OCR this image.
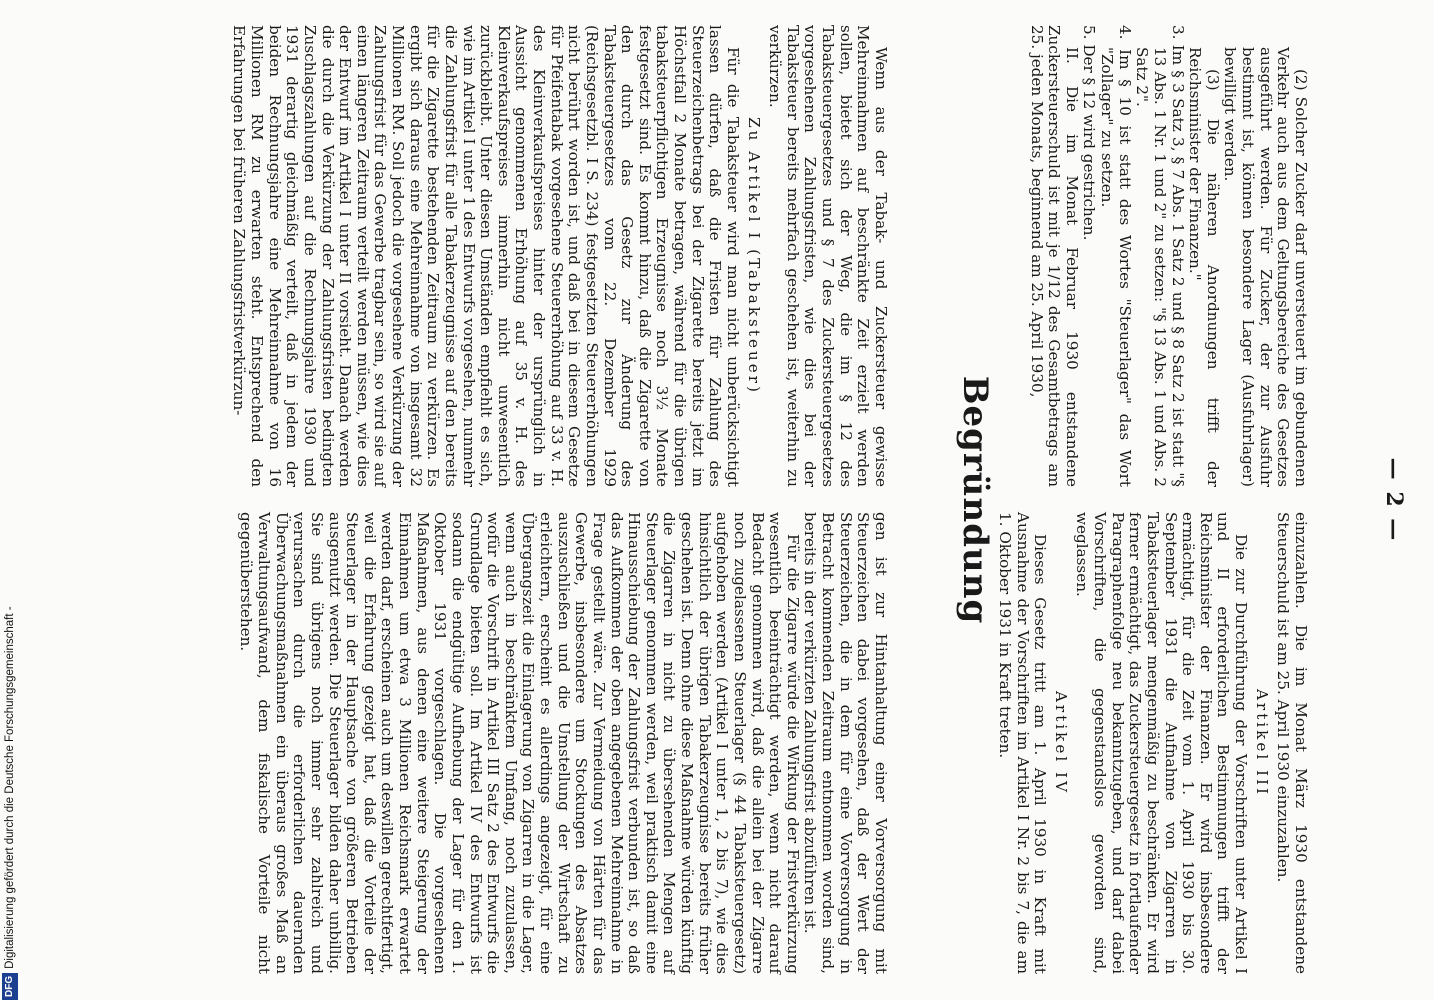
— 2 —

(2) Solcher Zucker darf unversteuert im gebundenen Verkehr auch aus dem Geltungsbereiche des Gesetzes ausgeführt werden. Für Zucker, der zur Ausfuhr bestimmt ist, können besondere Lager (Ausfuhrlager) bewilligt werden.

(3) Die näheren Anordnungen trifft der Reichsminister der Finanzen."

3. Im § 3 Satz 3, § 7 Abs. 1 Satz 2 und § 8 Satz 2 ist statt "§ 13 Abs. 1 Nr. 1 und 2" zu setzen: "§ 13 Abs. 1 und Abs. 2 Satz 2".

4. Im § 10 ist statt des Wortes "Steuerlager" das Wort "Zollager" zu setzen.

5. Der § 12 wird gestrichen.

II. Die im Monat Februar 1930 entstandene Zuckersteuerschuld ist mit je 1/12 des Gesamtbetrags am 25. jeden Monats, beginnend am 25. April 1930,

einzuzahlen. Die im Monat März 1930 entstandene Steuerschuld ist am 25. April 1930 einzuzahlen.

Artikel III

Die zur Durchführung der Vorschriften unter Artikel I und II erforderlichen Bestimmungen trifft der Reichsminister der Finanzen. Er wird insbesondere ermächtigt, für die Zeit vom 1. April 1930 bis 30. September 1931 die Aufnahme von Zigarren in Tabaksteuerlager mengenmäßig zu beschränken. Er wird ferner ermächtigt, das Zuckersteuergesetz in fortlaufender Paragraphenfolge neu bekanntzugeben, und darf dabei Vorschriften, die gegenstandslos geworden sind, weglassen.

Artikel IV

Dieses Gesetz tritt am 1. April 1930 in Kraft mit Ausnahme der Vorschriften im Artikel I Nr. 2 bis 7, die am 1. Oktober 1931 in Kraft treten.

Begründung

Wenn aus der Tabak- und Zuckersteuer gewisse Mehreinnahmen auf beschränkte Zeit erzielt werden sollen, bietet sich der Weg, die im § 12 des Tabaksteuergesetzes und § 7 des Zuckersteuergesetzes vorgesehenen Zahlungsfristen, wie dies bei der Tabaksteuer bereits mehrfach geschehen ist, weiterhin zu verkürzen.

Zu Artikel I (Tabaksteuer)

Für die Tabaksteuer wird man nicht unberücksichtigt lassen dürfen, daß die Fristen für Zahlung des Steuerzeichenbetrags bei der Zigarette bereits jetzt im Höchstfall 2 Monate betragen, während für die übrigen tabaksteuerpflichtigen Erzeugnisse noch 3½ Monate festgesetzt sind. Es kommt hinzu, daß die Zigarette von den durch das Gesetz zur Änderung des Tabaksteuergesetzes vom 22. Dezember 1929 (Reichsgesetzbl. I S. 234) festgesetzten Steuererhöhungen nicht berührt worden ist, und daß bei in diesem Gesetze für Pfeifentabak vorgesehene Steuererhöhung auf 33 v. H. des Kleinverkaufspreises hinter der ursprünglich in Aussicht genommenen Erhöhung auf 35 v. H. des Kleinverkaufspreises immerhin nicht unwesentlich zurückbleibt. Unter diesen Umständen empfiehlt es sich, wie im Artikel I unter 1 des Entwurfs vorgesehen, nunmehr die Zahlungsfrist für alle Tabakerzeugnisse auf den bereits für die Zigarette bestehenden Zeitraum zu verkürzen. Es ergibt sich daraus eine Mehreinnahme von insgesamt 32 Millionen RM. Soll jedoch die vorgesehene Verkürzung der Zahlungsfrist für das Gewerbe tragbar sein, so wird sie auf einen längeren Zeitraum verteilt werden müssen, wie dies der Entwurf im Artikel I unter II vorsieht. Danach werden die durch die Verkürzung der Zahlungsfristen bedingten Zuschlagszahlungen auf die Rechnungsjahre 1930 und 1931 derartig gleichmäßig verteilt, daß in jedem der beiden Rechnungsjahre eine Mehreinnahme von 16 Millionen RM zu erwarten steht. Entsprechend den Erfahrungen bei früheren Zahlungsfristverkürzun-

gen ist zur Hintanhaltung einer Vorversorgung mit Steuerzeichen dabei vorgesehen, daß der Wert der Steuerzeichen, die in dem für eine Vorversorgung in Betracht kommenden Zeitraum entnommen worden sind, bereits in der verkürzten Zahlungsfrist abzuführen ist.

Für die Zigarre würde die Wirkung der Fristverkürzung wesentlich beeinträchtigt werden, wenn nicht darauf Bedacht genommen wird, daß die allein bei der Zigarre noch zugelassenen Steuerlager (§ 44 Tabaksteuergesetz) aufgehoben werden (Artikel I unter 1, 2 bis 7), wie dies hinsichtlich der übrigen Tabakerzeugnisse bereits früher geschehen ist. Denn ohne diese Maßnahme würden künftig die Zigarren in nicht zu übersehenden Mengen auf Steuerlager genommen werden, weil praktisch damit eine Hinausschiebung der Zahlungsfrist verbunden ist, so daß das Aufkommen der oben angegebenen Mehreinnahme in Frage gestellt wäre. Zur Vermeidung von Härten für das Gewerbe, insbesondere um Stockungen des Absatzes auszuschließen und die Umstellung der Wirtschaft zu erleichtern, erscheint es allerdings angezeigt, für eine Übergangszeit die Einlagerung von Zigarren in die Lager, wenn auch in beschränktem Umfang, noch zuzulassen, wofür die Vorschrift in Artikel III Satz 2 des Entwurfs die Grundlage bieten soll. Im Artikel IV des Entwurfs ist sodann die endgültige Aufhebung der Lager für den 1. Oktober 1931 vorgeschlagen. Die vorgesehenen Maßnahmen, aus denen eine weitere Steigerung der Einnahmen um etwa 3 Millionen Reichsmark erwartet werden darf, erscheinen auch um deswillen gerechtfertigt, weil die Erfahrung gezeigt hat, daß die Vorteile der Steuerlager in der Hauptsache von größeren Betrieben ausgenutzt werden. Die Steuerlager bilden daher unbillig. Sie sind übrigens noch immer sehr zahlreich und verursachen durch die erforderlichen dauernden Überwachungsmaßnahmen ein überaus großes Maß an Verwaltungsaufwand, dem fiskalische Vorteile nicht gegenüberstehen.

DFG
Digitalisierung gefördert durch die Deutsche Forschungsgemeinschaft -
